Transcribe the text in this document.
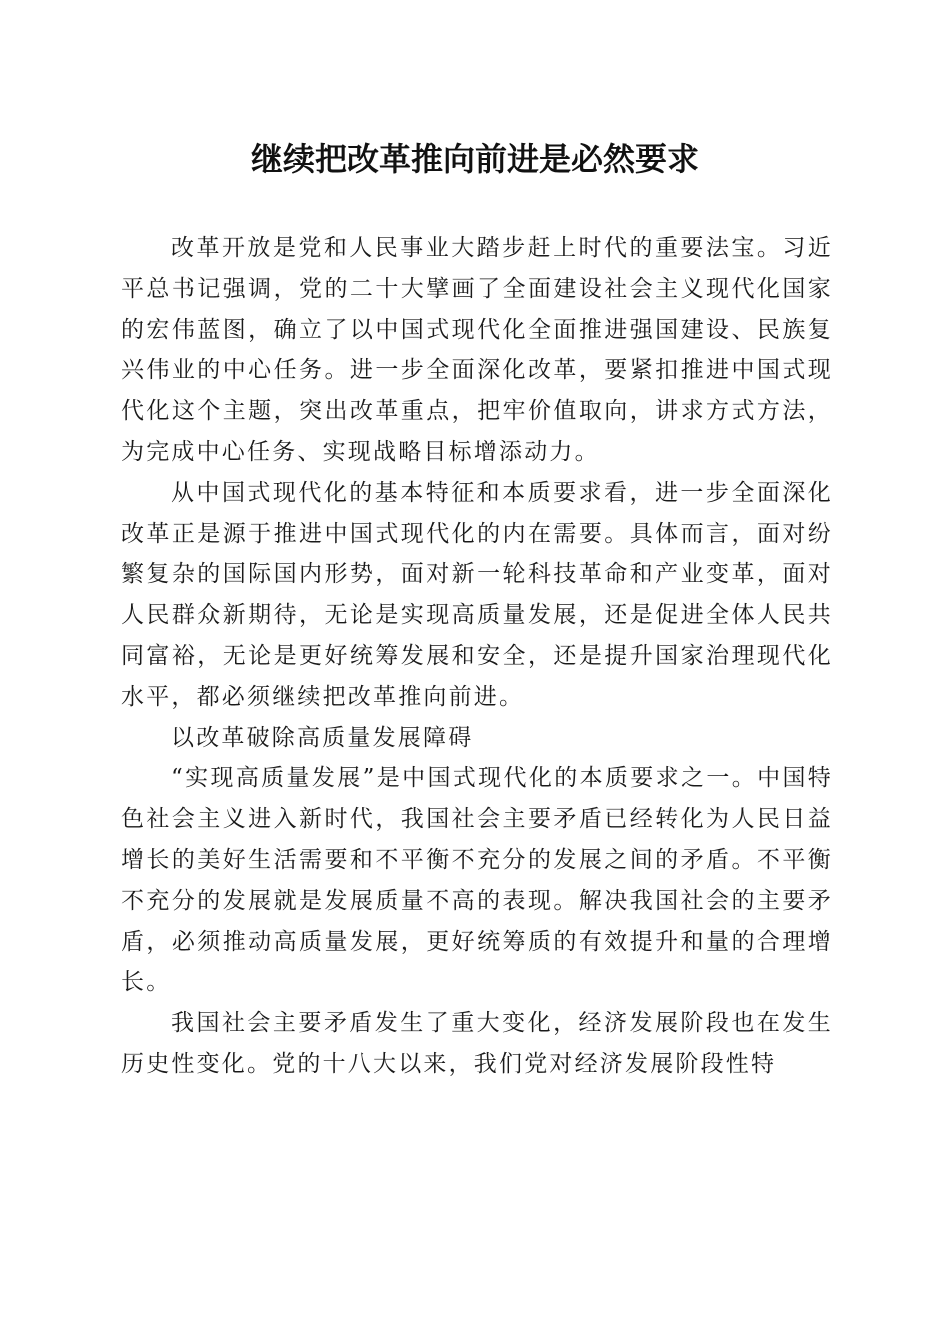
继续把改革推向前进是必然要求

改革开放是党和人民事业大踏步赶上时代的重要法宝。习近平总书记强调，党的二十大擘画了全面建设社会主义现代化国家的宏伟蓝图，确立了以中国式现代化全面推进强国建设、民族复兴伟业的中心任务。进一步全面深化改革，要紧扣推进中国式现代化这个主题，突出改革重点，把牢价值取向，讲求方式方法，为完成中心任务、实现战略目标增添动力。

从中国式现代化的基本特征和本质要求看，进一步全面深化改革正是源于推进中国式现代化的内在需要。具体而言，面对纷繁复杂的国际国内形势，面对新一轮科技革命和产业变革，面对人民群众新期待，无论是实现高质量发展，还是促进全体人民共同富裕，无论是更好统筹发展和安全，还是提升国家治理现代化水平，都必须继续把改革推向前进。

以改革破除高质量发展障碍

“实现高质量发展”是中国式现代化的本质要求之一。中国特色社会主义进入新时代，我国社会主要矛盾已经转化为人民日益增长的美好生活需要和不平衡不充分的发展之间的矛盾。不平衡不充分的发展就是发展质量不高的表现。解决我国社会的主要矛盾，必须推动高质量发展，更好统筹质的有效提升和量的合理增长。

我国社会主要矛盾发生了重大变化，经济发展阶段也在发生历史性变化。党的十八大以来，我们党对经济发展阶段性特
